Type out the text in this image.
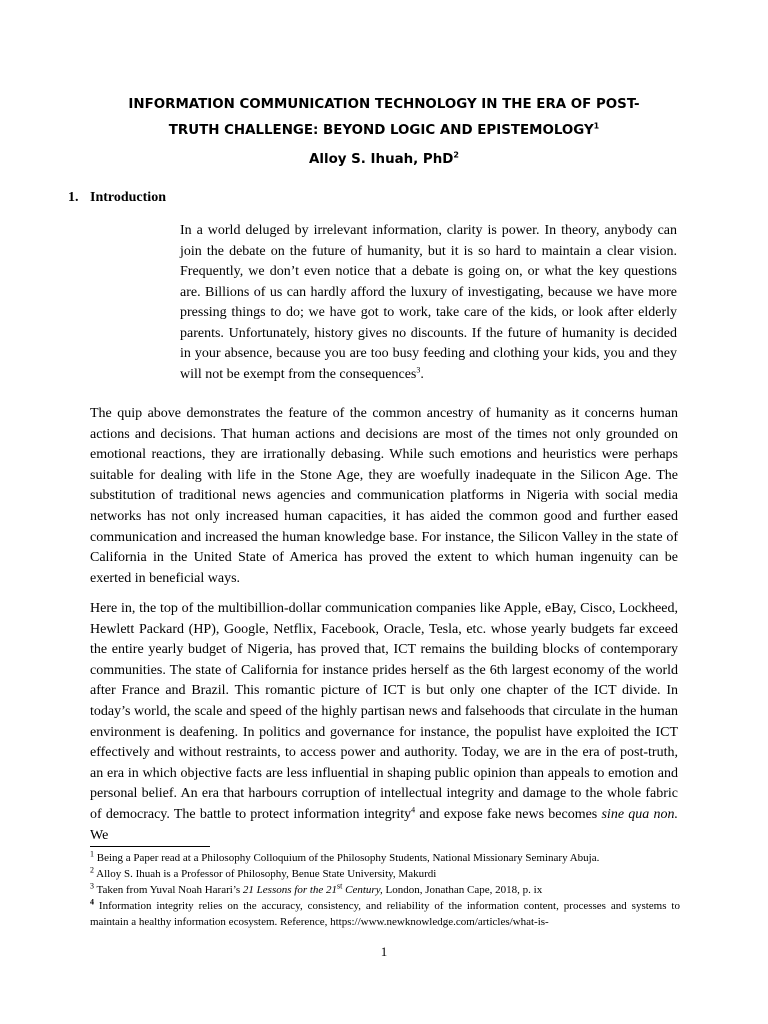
INFORMATION COMMUNICATION TECHNOLOGY IN THE ERA OF POST-
TRUTH CHALLENGE: BEYOND LOGIC AND EPISTEMOLOGY$^1$
Alloy S. Ihuah, PhD$^2$
1. Introduction
In a world deluged by irrelevant information, clarity is power. In theory, anybody can join the debate on the future of humanity, but it is so hard to maintain a clear vision. Frequently, we don’t even notice that a debate is going on, or what the key questions are. Billions of us can hardly afford the luxury of investigating, because we have more pressing things to do; we have got to work, take care of the kids, or look after elderly parents. Unfortunately, history gives no discounts. If the future of humanity is decided in your absence, because you are too busy feeding and clothing your kids, you and they will not be exempt from the consequences$^3$.
The quip above demonstrates the feature of the common ancestry of humanity as it concerns human actions and decisions. That human actions and decisions are most of the times not only grounded on emotional reactions, they are irrationally debasing. While such emotions and heuristics were perhaps suitable for dealing with life in the Stone Age, they are woefully inadequate in the Silicon Age. The substitution of traditional news agencies and communication platforms in Nigeria with social media networks has not only increased human capacities, it has aided the common good and further eased communication and increased the human knowledge base. For instance, the Silicon Valley in the state of California in the United State of America has proved the extent to which human ingenuity can be exerted in beneficial ways.
Here in, the top of the multibillion-dollar communication companies like Apple, eBay, Cisco, Lockheed, Hewlett Packard (HP), Google, Netflix, Facebook, Oracle, Tesla, etc. whose yearly budgets far exceed the entire yearly budget of Nigeria, has proved that, ICT remains the building blocks of contemporary communities. The state of California for instance prides herself as the 6th largest economy of the world after France and Brazil. This romantic picture of ICT is but only one chapter of the ICT divide. In today’s world, the scale and speed of the highly partisan news and falsehoods that circulate in the human environment is deafening. In politics and governance for instance, the populist have exploited the ICT effectively and without restraints, to access power and authority. Today, we are in the era of post-truth, an era in which objective facts are less influential in shaping public opinion than appeals to emotion and personal belief. An era that harbours corruption of intellectual integrity and damage to the whole fabric of democracy. The battle to protect information integrity$^4$ and expose fake news becomes sine qua non. We
$^1$ Being a Paper read at a Philosophy Colloquium of the Philosophy Students, National Missionary Seminary Abuja.
$^2$ Alloy S. Ihuah is a Professor of Philosophy, Benue State University, Makurdi
$^3$ Taken from Yuval Noah Harari’s 21 Lessons for the 21st Century, London, Jonathan Cape, 2018, p. ix
$^4$ Information integrity relies on the accuracy, consistency, and reliability of the information content, processes and systems to maintain a healthy information ecosystem. Reference, https://www.newknowledge.com/articles/what-is-
1
